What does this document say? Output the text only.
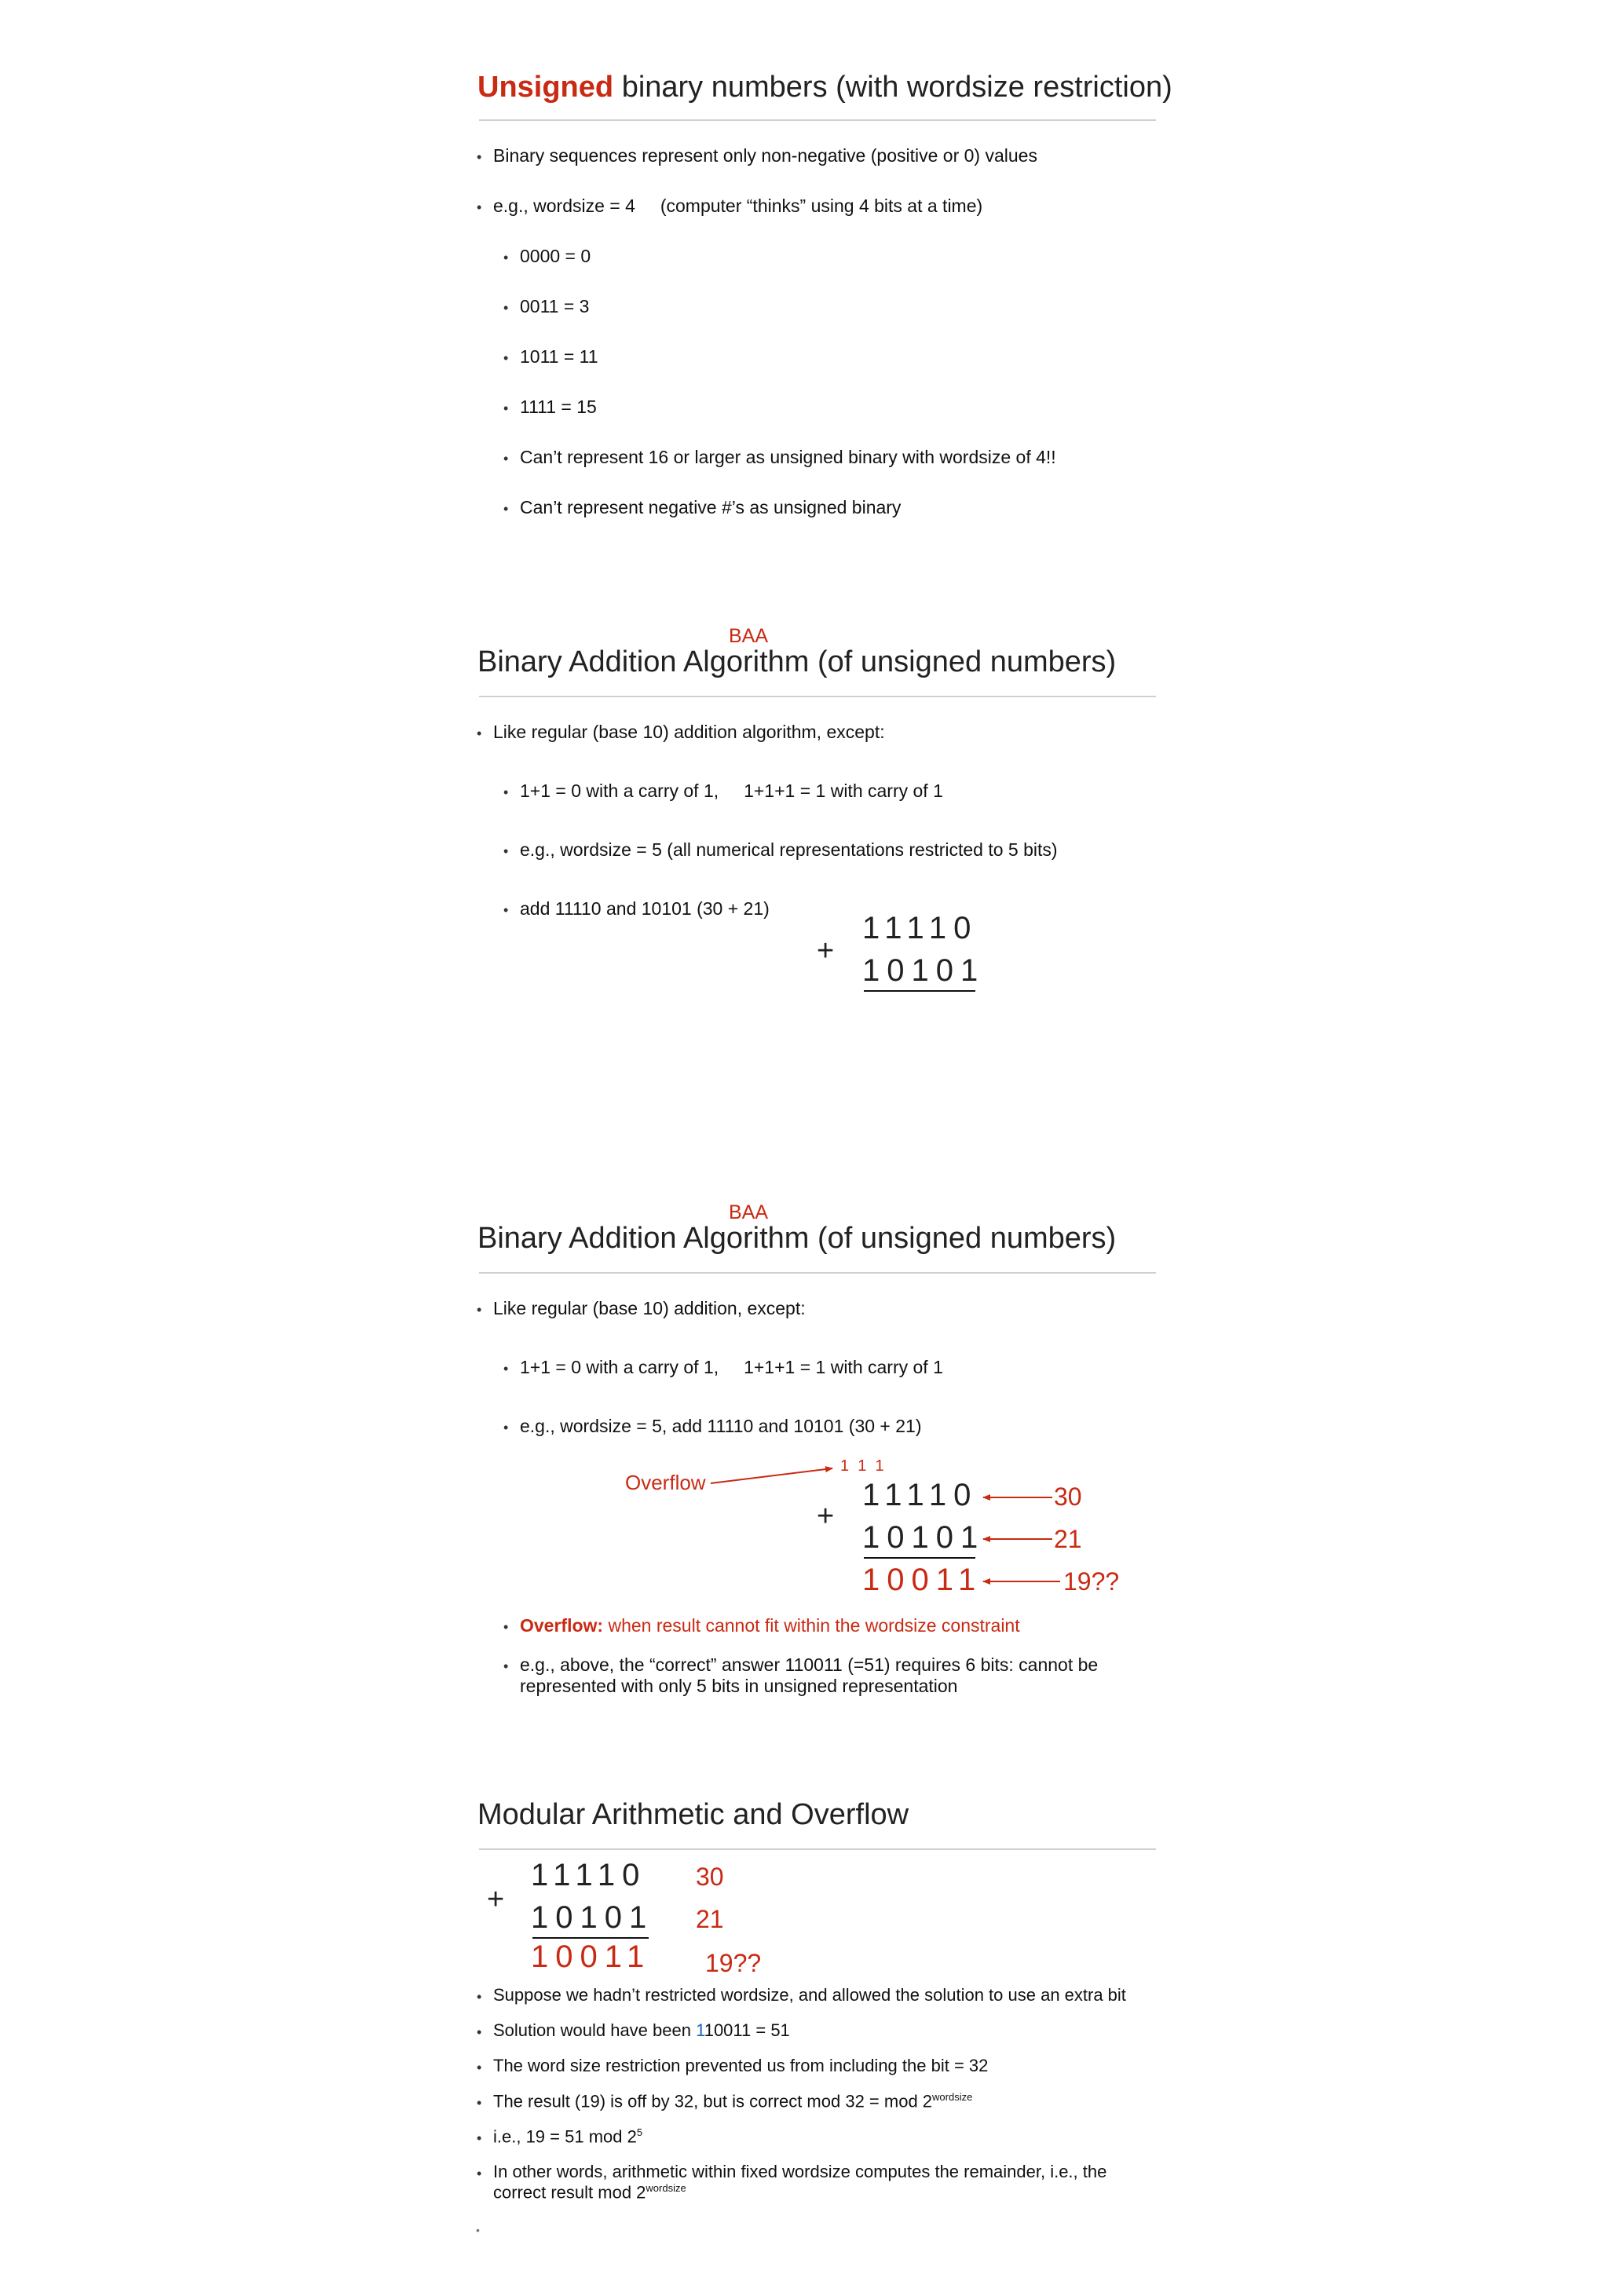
Unsigned binary numbers (with wordsize restriction)
• Binary sequences represent only non-negative (positive or 0) values
• e.g., wordsize = 4     (computer “thinks” using 4 bits at a time)
• 0000 = 0
• 0011 = 3
• 1011 = 11
• 1111 = 15
• Can’t represent 16 or larger as unsigned binary with wordsize of 4!!
• Can’t represent negative #’s as unsigned binary
BAA
Binary Addition Algorithm (of unsigned numbers)
• Like regular (base 10) addition algorithm, except:
• 1+1 = 0 with a carry of 1,     1+1+1 = 1 with carry of 1
• e.g., wordsize = 5 (all numerical representations restricted to 5 bits)
• add 11110 and 10101 (30 + 21)
+
11110
10101
BAA
Binary Addition Algorithm (of unsigned numbers)
• Like regular (base 10) addition, except:
• 1+1 = 0 with a carry of 1,     1+1+1 = 1 with carry of 1
• e.g., wordsize = 5, add 11110 and 10101 (30 + 21)
Overflow
1  1  1
+
11110
10101
10011
30
21
19??
• Overflow: when result cannot fit within the wordsize constraint
• e.g., above, the “correct” answer 110011 (=51) requires 6 bits: cannot be
represented with only 5 bits in unsigned representation
Modular Arithmetic and Overflow
+
11110
10101
10011
30
21
19??
• Suppose we hadn’t restricted wordsize, and allowed the solution to use an extra bit
• Solution would have been 110011 = 51
• The word size restriction prevented us from including the bit = 32
• The result (19) is off by 32, but is correct mod 32 = mod $2^{wordsize}$
• i.e., 19 = 51 mod $2^5$
• In other words, arithmetic within fixed wordsize computes the remainder, i.e., the
correct result mod $2^{wordsize}$
•
